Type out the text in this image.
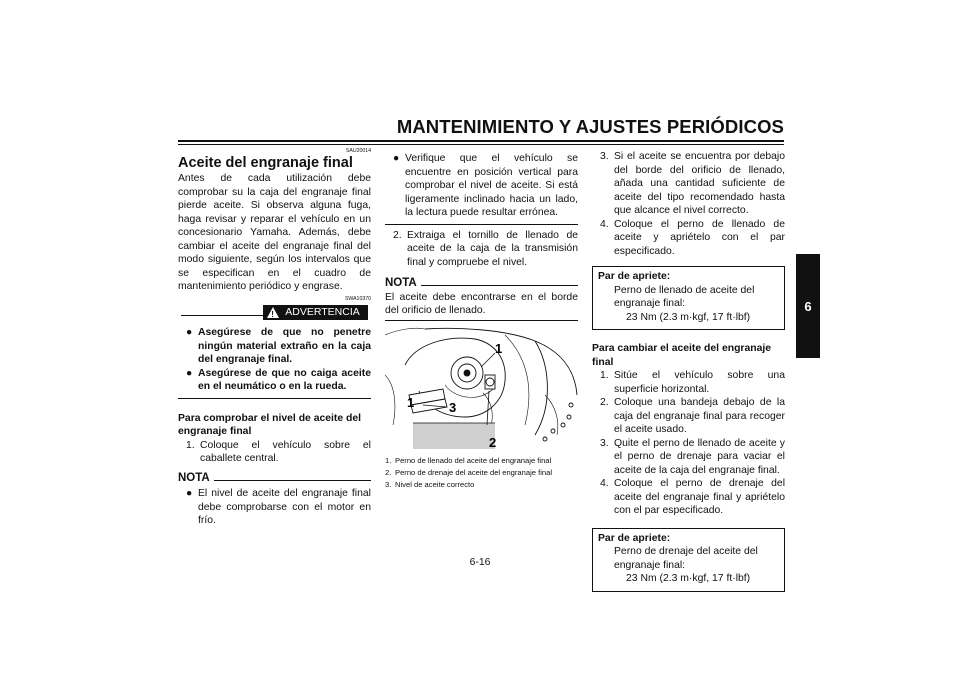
MANTENIMIENTO Y AJUSTES PERIÓDICOS
6
SAU20014
Aceite del engranaje final

Antes de cada utilización debe comprobar su la caja del engranaje final pierde aceite. Si observa alguna fuga, haga revisar y reparar el vehículo en un concesionario Yamaha. Además, debe cambiar el aceite del engranaje final del modo siguiente, según los intervalos que se especifican en el cuadro de mantenimiento periódico y engrase.

SWA10370
! ADVERTENCIA
● Asegúrese de que no penetre ningún material extraño en la caja del engranaje final.
● Asegúrese de que no caiga aceite en el neumático o en la rueda.
Para comprobar el nivel de aceite del engranaje final
1. Coloque el vehículo sobre el caballete central.
NOTA
● El nivel de aceite del engranaje final debe comprobarse con el motor en frío.
● Verifique que el vehículo se encuentre en posición vertical para comprobar el nivel de aceite. Si está ligeramente inclinado hacia un lado, la lectura puede resultar errónea.
2. Extraiga el tornillo de llenado de aceite de la caja de la transmisión final y compruebe el nivel.
NOTA

El aceite debe encontrarse en el borde del orificio de llenado.

1	3
1
2
1. Perno de llenado del aceite del engranaje final
2. Perno de drenaje del aceite del engranaje final
3. Nivel de aceite correcto
3. Si el aceite se encuentra por debajo del borde del orificio de llenado, añada una cantidad suficiente de aceite del tipo recomendado hasta que alcance el nivel correcto.
4. Coloque el perno de llenado de aceite y apriételo con el par especificado.
Par de apriete:
Perno de llenado de aceite del engranaje final:
23 Nm (2.3 m·kgf, 17 ft·lbf)
Para cambiar el aceite del engranaje final
1. Sitúe el vehículo sobre una superficie horizontal.
2. Coloque una bandeja debajo de la caja del engranaje final para recoger el aceite usado.
3. Quite el perno de llenado de aceite y el perno de drenaje para vaciar el aceite de la caja del engranaje final.
4. Coloque el perno de drenaje del aceite del engranaje final y apriételo con el par especificado.
Par de apriete:
Perno de drenaje del aceite del engranaje final:
23 Nm (2.3 m·kgf, 17 ft·lbf)
6-16
